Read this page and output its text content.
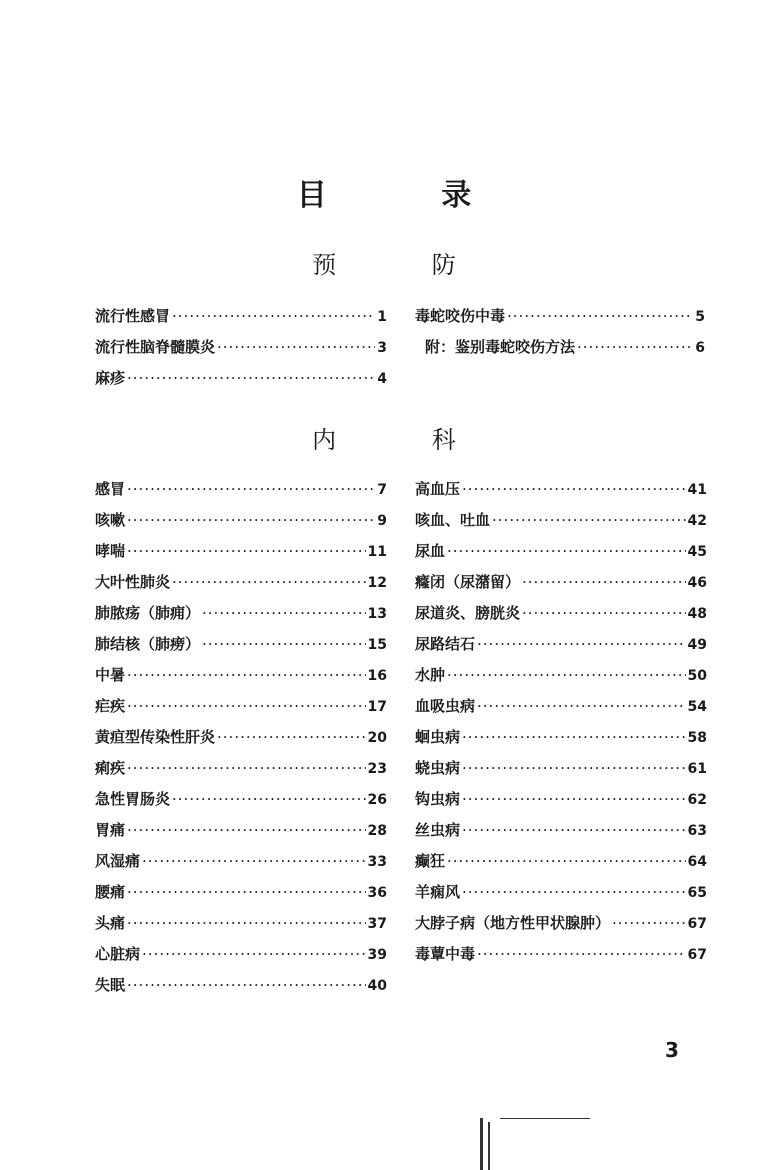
目 录
预 防
流行性感冒 ·····	1
流行性脑脊髓膜炎 ·····	3
麻疹 ·····	4
毒蛇咬伤中毒 ·····	5
附：鉴别毒蛇咬伤方法 ·····	6
内 科
感冒 ·····	7
咳嗽 ·····	9
哮喘 ·····	11
大叶性肺炎 ·····	12
肺脓疡（肺痈） ·····	13
肺结核（肺痨） ·····	15
中暑 ·····	16
疟疾 ·····	17
黄疸型传染性肝炎 ·····	20
痢疾 ·····	23
急性胃肠炎 ·····	26
胃痛 ·····	28
风湿痛 ·····	33
腰痛 ·····	36
头痛 ·····	37
心脏病 ·····	39
失眠 ·····	40
高血压 ·····	41
咳血、吐血 ·····	42
尿血 ·····	45
癃闭（尿潴留） ·····	46
尿道炎、膀胱炎 ·····	48
尿路结石 ·····	49
水肿 ·····	50
血吸虫病 ·····	54
蛔虫病 ·····	58
蛲虫病 ·····	61
钩虫病 ·····	62
丝虫病 ·····	63
癫狂 ·····	64
羊痫风 ·····	65
大脖子病（地方性甲状腺肿） ·····	67
毒蕈中毒 ·····	67
3
